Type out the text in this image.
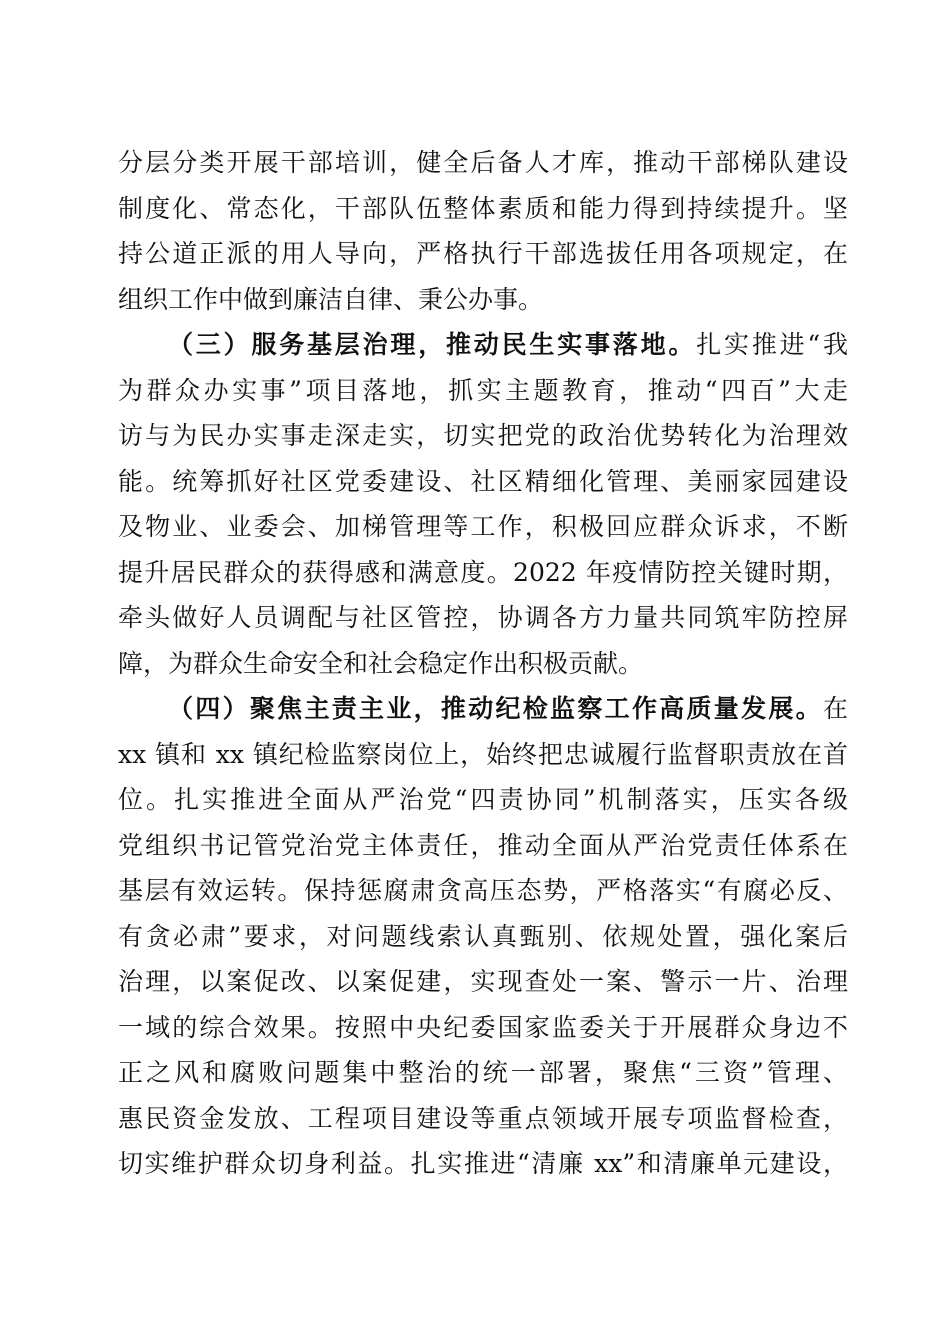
分层分类开展干部培训，健全后备人才库，推动干部梯队建设
制度化、常态化，干部队伍整体素质和能力得到持续提升。坚
持公道正派的用人导向，严格执行干部选拔任用各项规定，在
组织工作中做到廉洁自律、秉公办事。
（三）服务基层治理，推动民生实事落地。扎实推进“我
为群众办实事”项目落地，抓实主题教育，推动“四百”大走
访与为民办实事走深走实，切实把党的政治优势转化为治理效
能。统筹抓好社区党委建设、社区精细化管理、美丽家园建设
及物业、业委会、加梯管理等工作，积极回应群众诉求，不断
提升居民群众的获得感和满意度。2022 年疫情防控关键时期，
牵头做好人员调配与社区管控，协调各方力量共同筑牢防控屏
障，为群众生命安全和社会稳定作出积极贡献。
（四）聚焦主责主业，推动纪检监察工作高质量发展。在
xx 镇和 xx 镇纪检监察岗位上，始终把忠诚履行监督职责放在首
位。扎实推进全面从严治党“四责协同”机制落实，压实各级
党组织书记管党治党主体责任，推动全面从严治党责任体系在
基层有效运转。保持惩腐肃贪高压态势，严格落实“有腐必反、
有贪必肃”要求，对问题线索认真甄别、依规处置，强化案后
治理，以案促改、以案促建，实现查处一案、警示一片、治理
一域的综合效果。按照中央纪委国家监委关于开展群众身边不
正之风和腐败问题集中整治的统一部署，聚焦“三资”管理、
惠民资金发放、工程项目建设等重点领域开展专项监督检查，
切实维护群众切身利益。扎实推进“清廉 xx”和清廉单元建设，
